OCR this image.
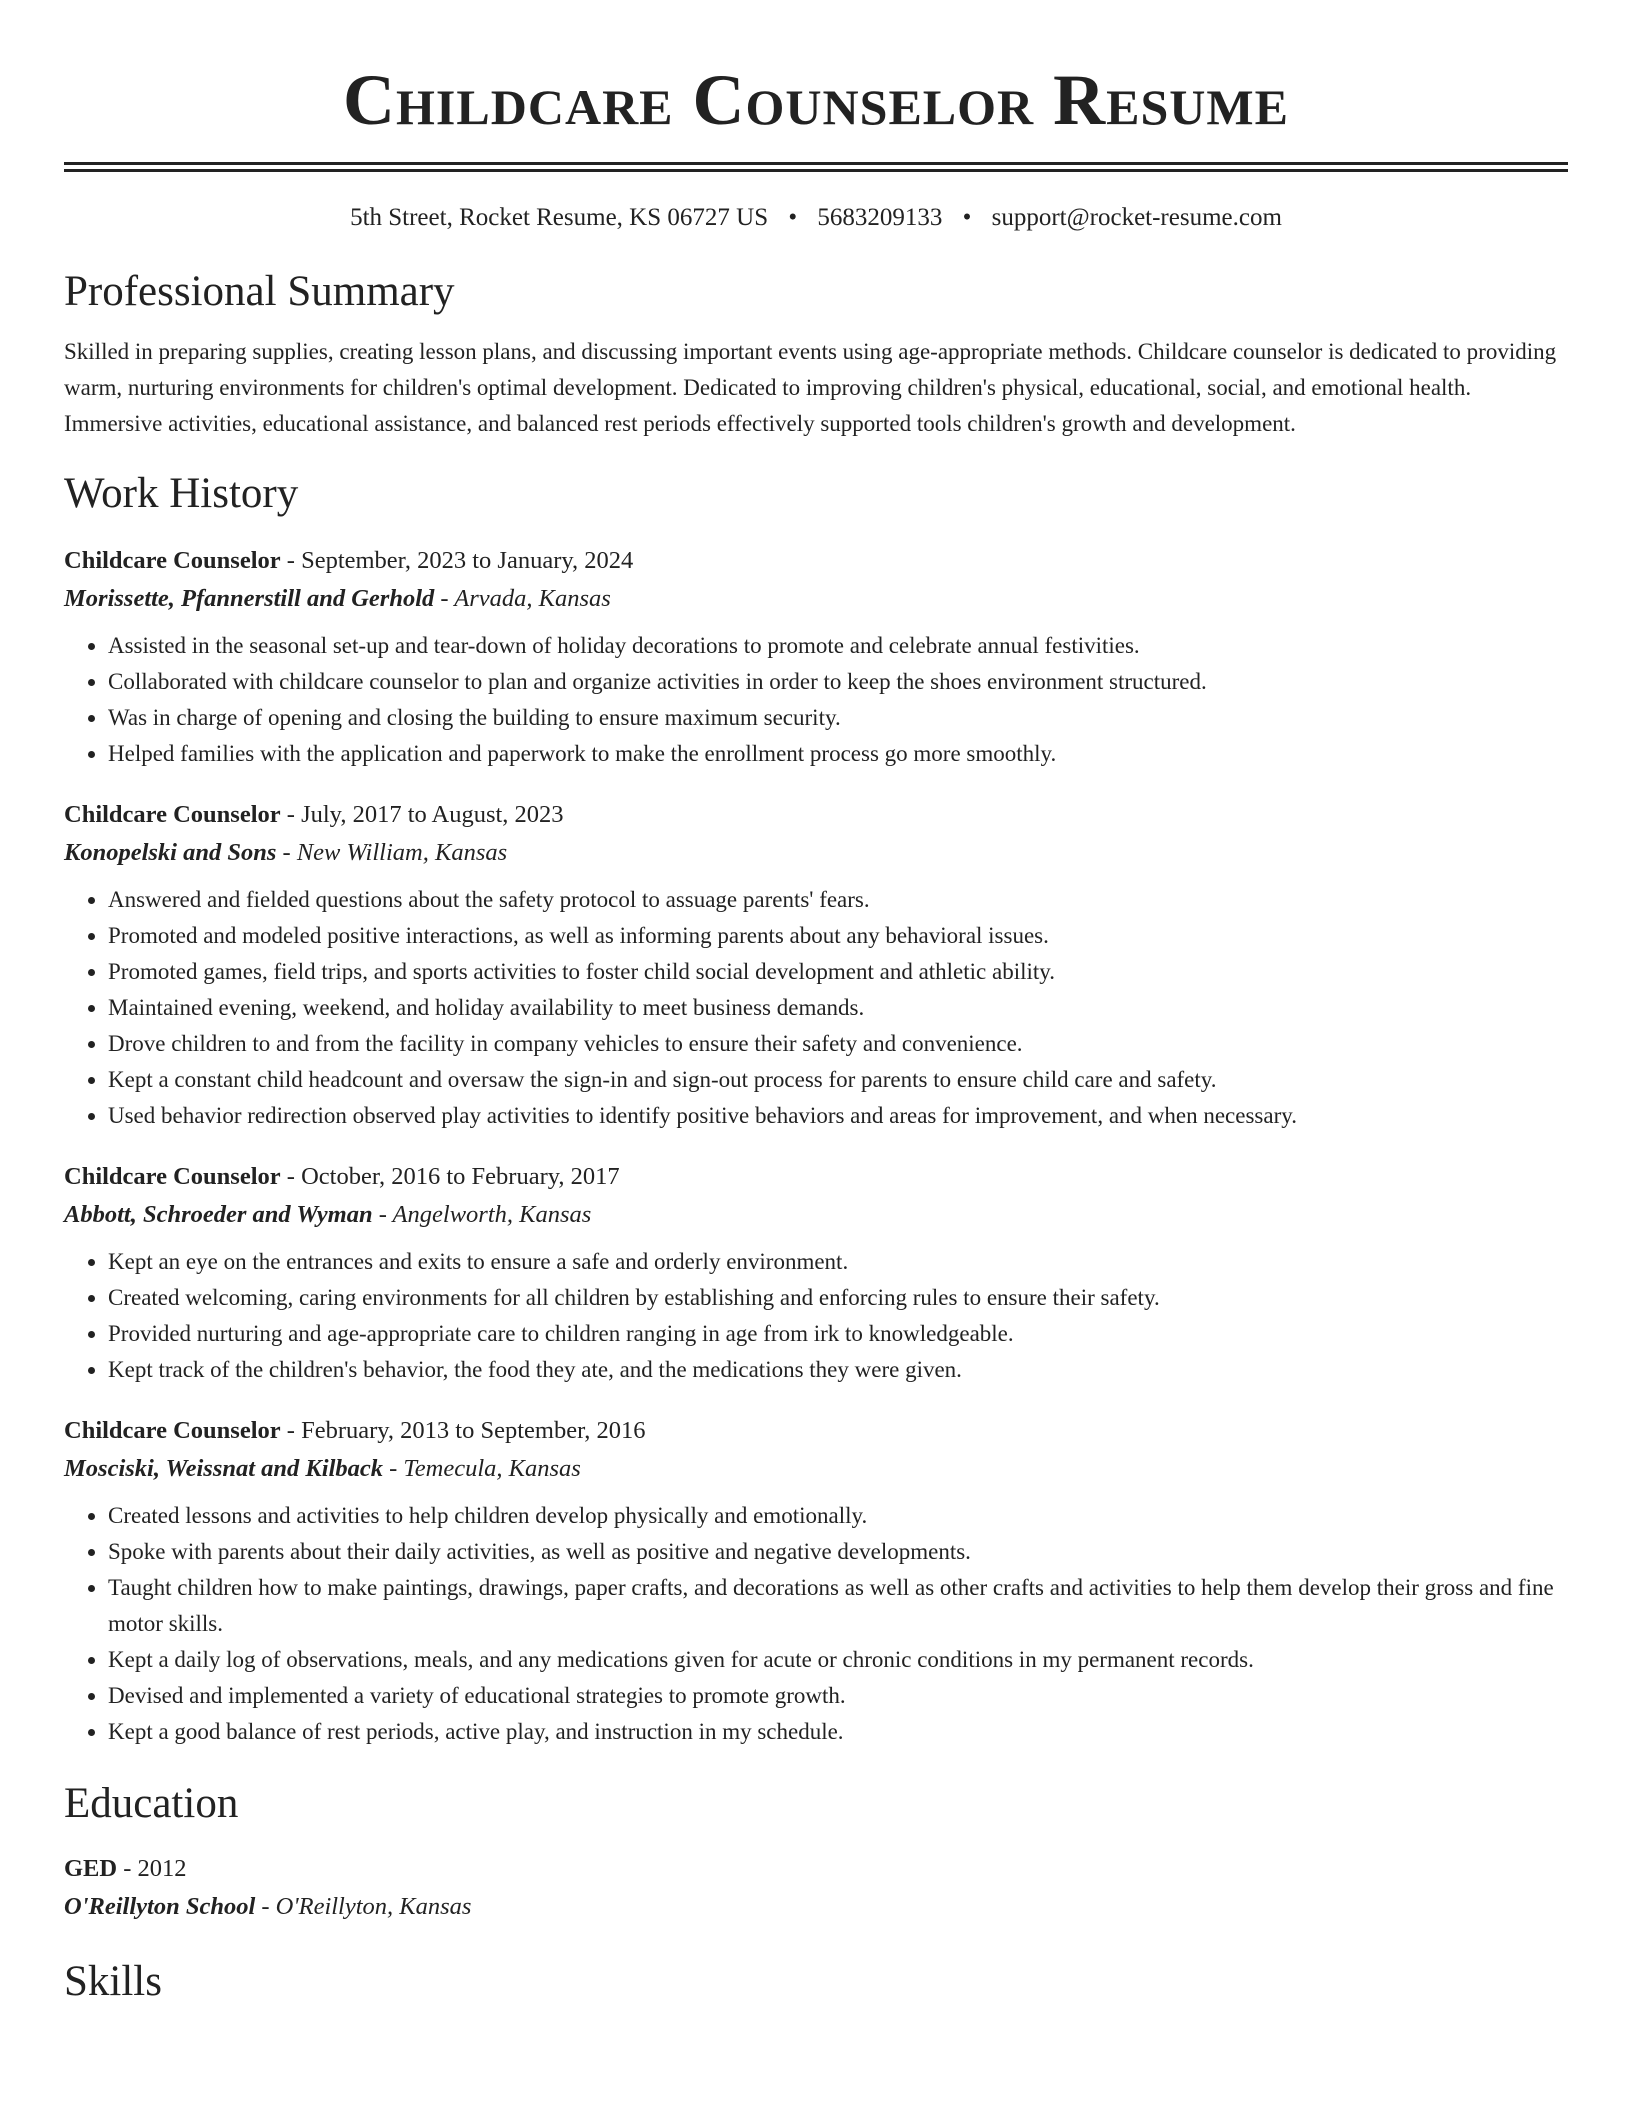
Childcare Counselor Resume
5th Street, Rocket Resume, KS 06727 US • 5683209133 • support@rocket-resume.com
Professional Summary
Skilled in preparing supplies, creating lesson plans, and discussing important events using age-appropriate methods. Childcare counselor is dedicated to providing warm, nurturing environments for children's optimal development. Dedicated to improving children's physical, educational, social, and emotional health. Immersive activities, educational assistance, and balanced rest periods effectively supported tools children's growth and development.
Work History
Childcare Counselor - September, 2023 to January, 2024
Morissette, Pfannerstill and Gerhold - Arvada, Kansas
• Assisted in the seasonal set-up and tear-down of holiday decorations to promote and celebrate annual festivities.
• Collaborated with childcare counselor to plan and organize activities in order to keep the shoes environment structured.
• Was in charge of opening and closing the building to ensure maximum security.
• Helped families with the application and paperwork to make the enrollment process go more smoothly.
Childcare Counselor - July, 2017 to August, 2023
Konopelski and Sons - New William, Kansas
• Answered and fielded questions about the safety protocol to assuage parents' fears.
• Promoted and modeled positive interactions, as well as informing parents about any behavioral issues.
• Promoted games, field trips, and sports activities to foster child social development and athletic ability.
• Maintained evening, weekend, and holiday availability to meet business demands.
• Drove children to and from the facility in company vehicles to ensure their safety and convenience.
• Kept a constant child headcount and oversaw the sign-in and sign-out process for parents to ensure child care and safety.
• Used behavior redirection observed play activities to identify positive behaviors and areas for improvement, and when necessary.
Childcare Counselor - October, 2016 to February, 2017
Abbott, Schroeder and Wyman - Angelworth, Kansas
• Kept an eye on the entrances and exits to ensure a safe and orderly environment.
• Created welcoming, caring environments for all children by establishing and enforcing rules to ensure their safety.
• Provided nurturing and age-appropriate care to children ranging in age from irk to knowledgeable.
• Kept track of the children's behavior, the food they ate, and the medications they were given.
Childcare Counselor - February, 2013 to September, 2016
Mosciski, Weissnat and Kilback - Temecula, Kansas
• Created lessons and activities to help children develop physically and emotionally.
• Spoke with parents about their daily activities, as well as positive and negative developments.
• Taught children how to make paintings, drawings, paper crafts, and decorations as well as other crafts and activities to help them develop their gross and fine motor skills.
• Kept a daily log of observations, meals, and any medications given for acute or chronic conditions in my permanent records.
• Devised and implemented a variety of educational strategies to promote growth.
• Kept a good balance of rest periods, active play, and instruction in my schedule.
Education
GED - 2012
O'Reillyton School - O'Reillyton, Kansas
Skills
